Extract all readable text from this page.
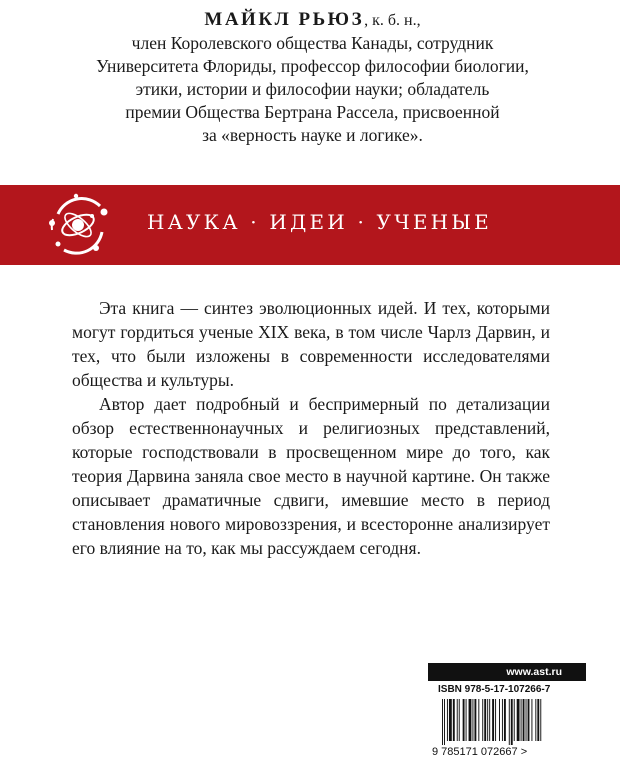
МАЙКЛ РЬЮЗ, к. б. н.,
член Королевского общества Канады, сотрудник
Университета Флориды, профессор философии биологии,
этики, истории и философии науки; обладатель
премии Общества Бертрана Рассела, присвоенной
за «верность науке и логике».
НАУКА · ИДЕИ · УЧЕНЫЕ

Эта книга — синтез эволюционных идей. И тех, которыми могут гордиться ученые XIX века, в том числе Чарлз Дарвин, и тех, что были изложены в современности исследователями общества и культуры.

Автор дает подробный и беспримерный по детализации обзор естественнонаучных и религиозных представлений, которые господствовали в просвещенном мире до того, как теория Дарвина заняла свое место в научной картине. Он также описывает драматичные сдвиги, имевшие место в период становления нового мировоззрения, и всесторонне анализирует его влияние на то, как мы рассуждаем сегодня.

www.ast.ru
ISBN 978-5-17-107266-7
9 785171 072667 >
